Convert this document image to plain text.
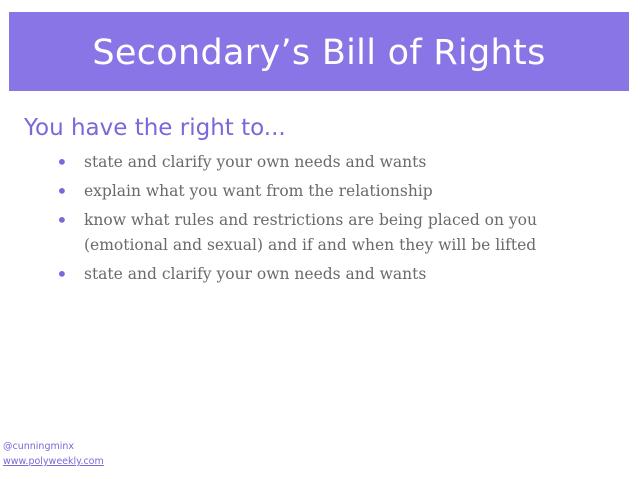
Secondary’s Bill of Rights
You have the right to...
• state and clarify your own needs and wants
• explain what you want from the relationship
• know what rules and restrictions are being placed on you (emotional and sexual) and if and when they will be lifted
• state and clarify your own needs and wants
@cunningminx
www.polyweekly.com
